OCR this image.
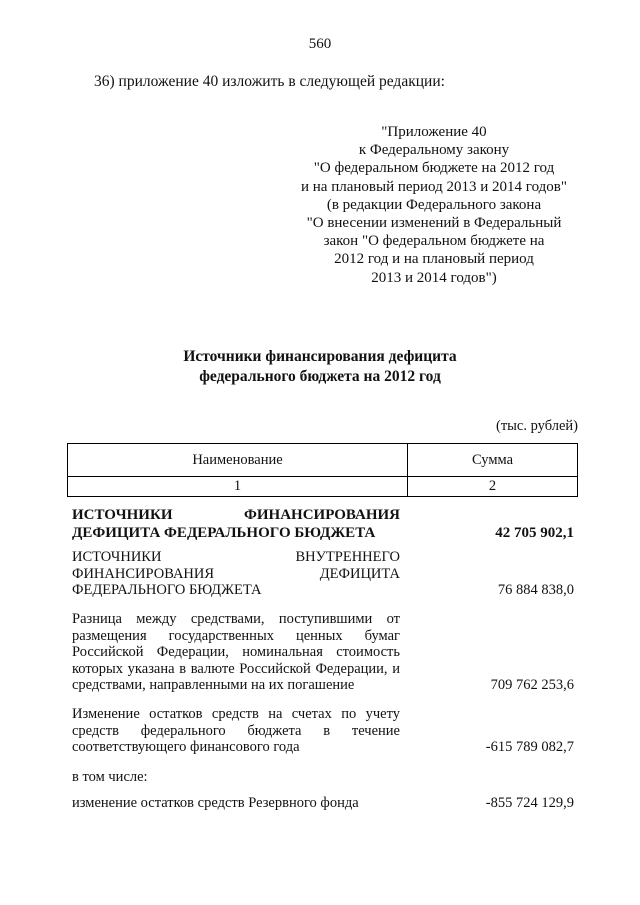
560
36) приложение 40 изложить в следующей редакции:
"Приложение 40
к Федеральному закону
"О федеральном бюджете на 2012 год
и на плановый период 2013 и 2014 годов"
(в редакции Федерального закона
"О внесении изменений в Федеральный
закон "О федеральном бюджете на
2012 год и на плановый период
2013 и 2014 годов")
Источники финансирования дефицита
федерального бюджета на 2012 год
(тыс. рублей)
Наименование	Сумма
1	2
ИСТОЧНИКИ ФИНАНСИРОВАНИЯ
ДЕФИЦИТА ФЕДЕРАЛЬНОГО БЮДЖЕТА	42 705 902,1
ИСТОЧНИКИ ВНУТРЕННЕГО
ФИНАНСИРОВАНИЯ ДЕФИЦИТА
ФЕДЕРАЛЬНОГО БЮДЖЕТА	76 884 838,0
Разница между средствами, поступившими от размещения государственных ценных бумаг Российской Федерации, номинальная стоимость которых указана в валюте Российской Федерации, и средствами, направленными на их погашение	709 762 253,6
Изменение остатков средств на счетах по учету средств федерального бюджета в течение соответствующего финансового года	-615 789 082,7
в том числе:
изменение остатков средств Резервного фонда	-855 724 129,9
